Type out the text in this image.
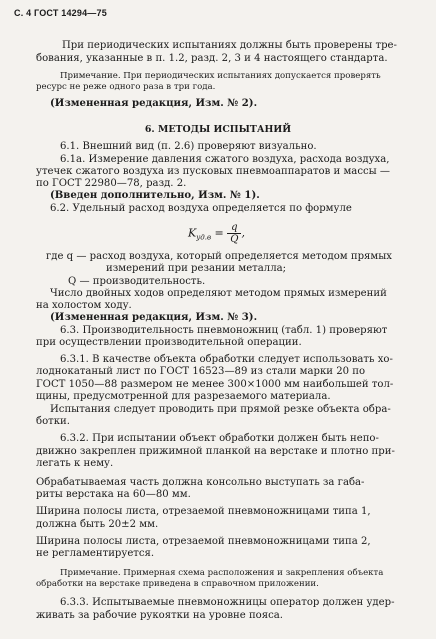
С. 4 ГОСТ 14294—75
При периодических испытаниях должны быть проверены тре-
бования, указанные в п. 1.2, разд. 2, 3 и 4 настоящего стандарта.
Примечание. При периодических испытаниях допускается проверять
ресурс не реже одного раза в три года.
(Измененная редакция, Изм. № 2).
6. МЕТОДЫ ИСПЫТАНИЙ
6.1. Внешний вид (п. 2.6) проверяют визуально.
6.1а. Измерение давления сжатого воздуха, расхода воздуха,
утечек сжатого воздуха из пусковых пневмоаппаратов и массы —
по ГОСТ 22980—78, разд. 2.
(Введен дополнительно, Изм. № 1).
6.2. Удельный расход воздуха определяется по формуле
$K_{уд.в} = \frac{q}{Q}$ ,
где q — расход воздуха, который определяется методом прямых
измерений при резании металла;
Q — производительность.
Число двойных ходов определяют методом прямых измерений
на холостом ходу.
(Измененная редакция, Изм. № 3).
6.3. Производительность пневмоножниц (табл. 1) проверяют
при осуществлении производительной операции.
6.3.1. В качестве объекта обработки следует использовать хо-
лоднокатаный лист по ГОСТ 16523—89 из стали марки 20 по
ГОСТ 1050—88 размером не менее 300×1000 мм наибольшей тол-
щины, предусмотренной для разрезаемого материала.
Испытания следует проводить при прямой резке объекта обра-
ботки.
6.3.2. При испытании объект обработки должен быть непо-
движно закреплен прижимной планкой на верстаке и плотно при-
легать к нему.
Обрабатываемая часть должна консольно выступать за габа-
риты верстака на 60—80 мм.
Ширина полосы листа, отрезаемой пневмоножницами типа 1,
должна быть 20±2 мм.
Ширина полосы листа, отрезаемой пневмоножницами типа 2,
не регламентируется.
Примечание. Примерная схема расположения и закрепления объекта
обработки на верстаке приведена в справочном приложении.
6.3.3. Испытываемые пневмоножницы оператор должен удер-
живать за рабочие рукоятки на уровне пояса.
